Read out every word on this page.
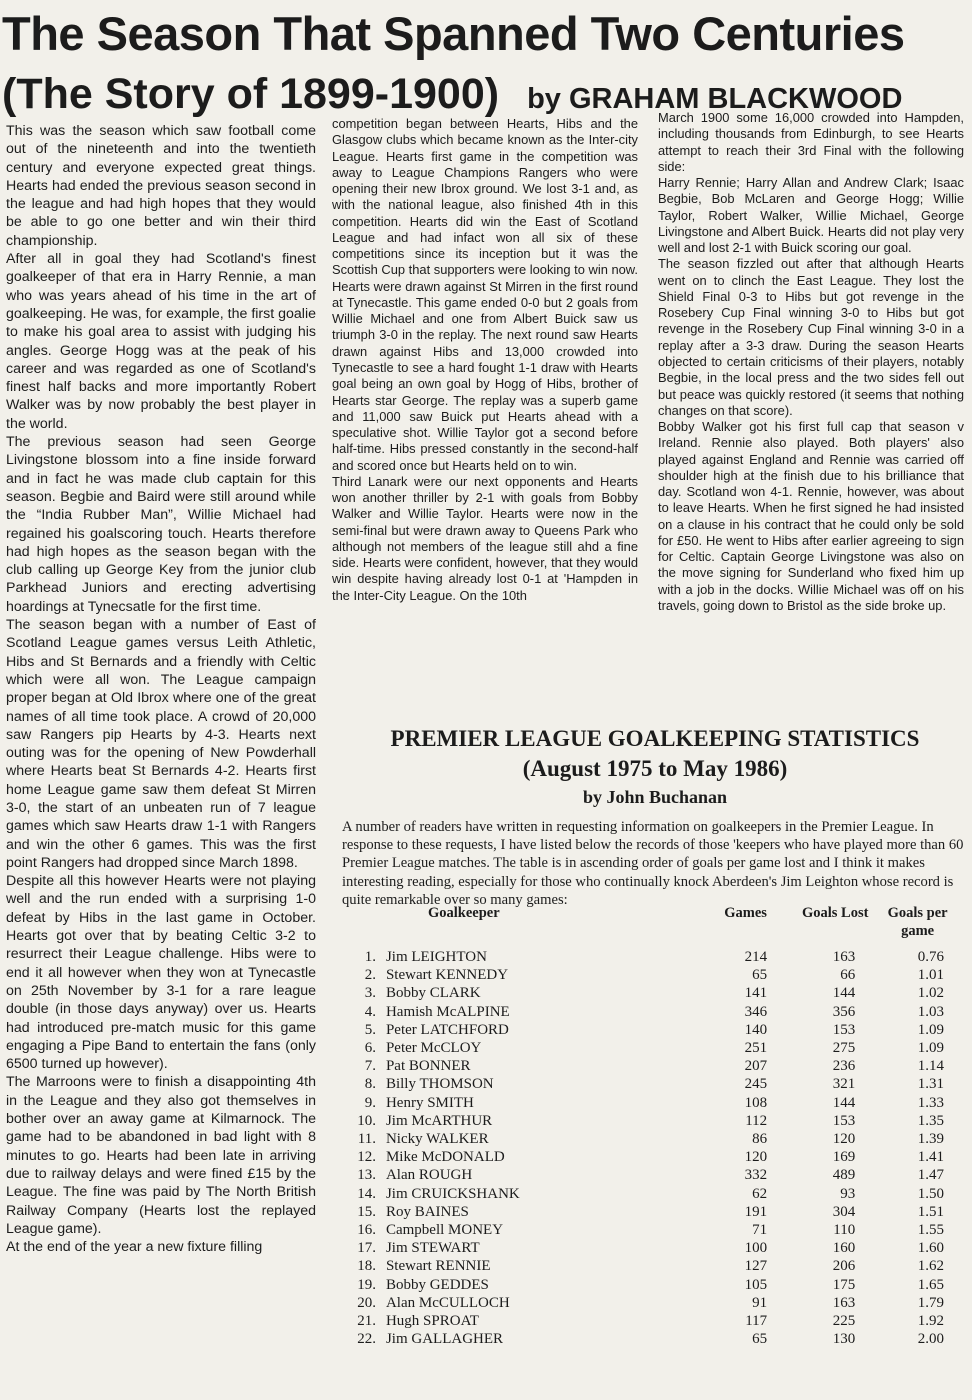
The Season That Spanned Two Centuries
(The Story of 1899-1900) by GRAHAM BLACKWOOD

This was the season which saw football come out of the nineteenth and into the twentieth century and everyone expected great things. Hearts had ended the previous season second in the league and had high hopes that they would be able to go one better and win their third championship.

After all in goal they had Scotland's finest goalkeeper of that era in Harry Rennie, a man who was years ahead of his time in the art of goalkeeping. He was, for example, the first goalie to make his goal area to assist with judging his angles. George Hogg was at the peak of his career and was regarded as one of Scotland's finest half backs and more importantly Robert Walker was by now probably the best player in the world.

The previous season had seen George Livingstone blossom into a fine inside forward and in fact he was made club captain for this season. Begbie and Baird were still around while the “India Rubber Man”, Willie Michael had regained his goalscoring touch. Hearts therefore had high hopes as the season began with the club calling up George Key from the junior club Parkhead Juniors and erecting advertising hoardings at Tynecsatle for the first time.

The season began with a number of East of Scotland League games versus Leith Athletic, Hibs and St Bernards and a friendly with Celtic which were all won. The League campaign proper began at Old Ibrox where one of the great names of all time took place. A crowd of 20,000 saw Rangers pip Hearts by 4-3. Hearts next outing was for the opening of New Powderhall where Hearts beat St Bernards 4-2. Hearts first home League game saw them defeat St Mirren 3-0, the start of an unbeaten run of 7 league games which saw Hearts draw 1-1 with Rangers and win the other 6 games. This was the first point Rangers had dropped since March 1898.

Despite all this however Hearts were not playing well and the run ended with a surprising 1-0 defeat by Hibs in the last game in October. Hearts got over that by beating Celtic 3-2 to resurrect their League challenge. Hibs were to end it all however when they won at Tynecastle on 25th November by 3-1 for a rare league double (in those days anyway) over us. Hearts had introduced pre-match music for this game engaging a Pipe Band to entertain the fans (only 6500 turned up however).

The Marroons were to finish a disappointing 4th in the League and they also got themselves in bother over an away game at Kilmarnock. The game had to be abandoned in bad light with 8 minutes to go. Hearts had been late in arriving due to railway delays and were fined £15 by the League. The fine was paid by The North British Railway Company (Hearts lost the replayed League game).

At the end of the year a new fixture filling

competition began between Hearts, Hibs and the Glasgow clubs which became known as the Inter-city League. Hearts first game in the competition was away to League Champions Rangers who were opening their new Ibrox ground. We lost 3-1 and, as with the national league, also finished 4th in this competition. Hearts did win the East of Scotland League and had infact won all six of these competitions since its inception but it was the Scottish Cup that supporters were looking to win now.

Hearts were drawn against St Mirren in the first round at Tynecastle. This game ended 0-0 but 2 goals from Willie Michael and one from Albert Buick saw us triumph 3-0 in the replay. The next round saw Hearts drawn against Hibs and 13,000 crowded into Tynecastle to see a hard fought 1-1 draw with Hearts goal being an own goal by Hogg of Hibs, brother of Hearts star George. The replay was a superb game and 11,000 saw Buick put Hearts ahead with a speculative shot. Willie Taylor got a second before half-time. Hibs pressed constantly in the second-half and scored once but Hearts held on to win.

Third Lanark were our next opponents and Hearts won another thriller by 2-1 with goals from Bobby Walker and Willie Taylor. Hearts were now in the semi-final but were drawn away to Queens Park who although not members of the league still ahd a fine side. Hearts were confident, however, that they would win despite having already lost 0-1 at 'Hampden in the Inter-City League. On the 10th

March 1900 some 16,000 crowded into Hampden, including thousands from Edinburgh, to see Hearts attempt to reach their 3rd Final with the following side:

Harry Rennie; Harry Allan and Andrew Clark; Isaac Begbie, Bob McLaren and George Hogg; Willie Taylor, Robert Walker, Willie Michael, George Livingstone and Albert Buick. Hearts did not play very well and lost 2-1 with Buick scoring our goal.

The season fizzled out after that although Hearts went on to clinch the East League. They lost the Shield Final 0-3 to Hibs but got revenge in the Rosebery Cup Final winning 3-0 to Hibs but got revenge in the Rosebery Cup Final winning 3-0 in a replay after a 3-3 draw. During the season Hearts objected to certain criticisms of their players, notably Begbie, in the local press and the two sides fell out but peace was quickly restored (it seems that nothing changes on that score).

Bobby Walker got his first full cap that season v Ireland. Rennie also played. Both players' also played against England and Rennie was carried off shoulder high at the finish due to his brilliance that day. Scotland won 4-1. Rennie, however, was about to leave Hearts. When he first signed he had insisted on a clause in his contract that he could only be sold for £50. He went to Hibs after earlier agreeing to sign for Celtic. Captain George Livingstone was also on the move signing for Sunderland who fixed him up with a job in the docks. Willie Michael was off on his travels, going down to Bristol as the side broke up.

PREMIER LEAGUE GOALKEEPING STATISTICS
(August 1975 to May 1986)
by John Buchanan

A number of readers have written in requesting information on goalkeepers in the Premier League. In response to these requests, I have listed below the records of those 'keepers who have played more than 60 Premier League matches. The table is in ascending order of goals per game lost and I think it makes interesting reading, especially for those who continually knock Aberdeen's Jim Leighton whose record is quite remarkable over so many games:

	Goalkeeper	Games	Goals Lost	Goals per game
1.	Jim LEIGHTON	214	163	0.76
2.	Stewart KENNEDY	65	66	1.01
3.	Bobby CLARK	141	144	1.02
4.	Hamish McALPINE	346	356	1.03
5.	Peter LATCHFORD	140	153	1.09
6.	Peter McCLOY	251	275	1.09
7.	Pat BONNER	207	236	1.14
8.	Billy THOMSON	245	321	1.31
9.	Henry SMITH	108	144	1.33
10.	Jim McARTHUR	112	153	1.35
11.	Nicky WALKER	86	120	1.39
12.	Mike McDONALD	120	169	1.41
13.	Alan ROUGH	332	489	1.47
14.	Jim CRUICKSHANK	62	93	1.50
15.	Roy BAINES	191	304	1.51
16.	Campbell MONEY	71	110	1.55
17.	Jim STEWART	100	160	1.60
18.	Stewart RENNIE	127	206	1.62
19.	Bobby GEDDES	105	175	1.65
20.	Alan McCULLOCH	91	163	1.79
21.	Hugh SPROAT	117	225	1.92
22.	Jim GALLAGHER	65	130	2.00
